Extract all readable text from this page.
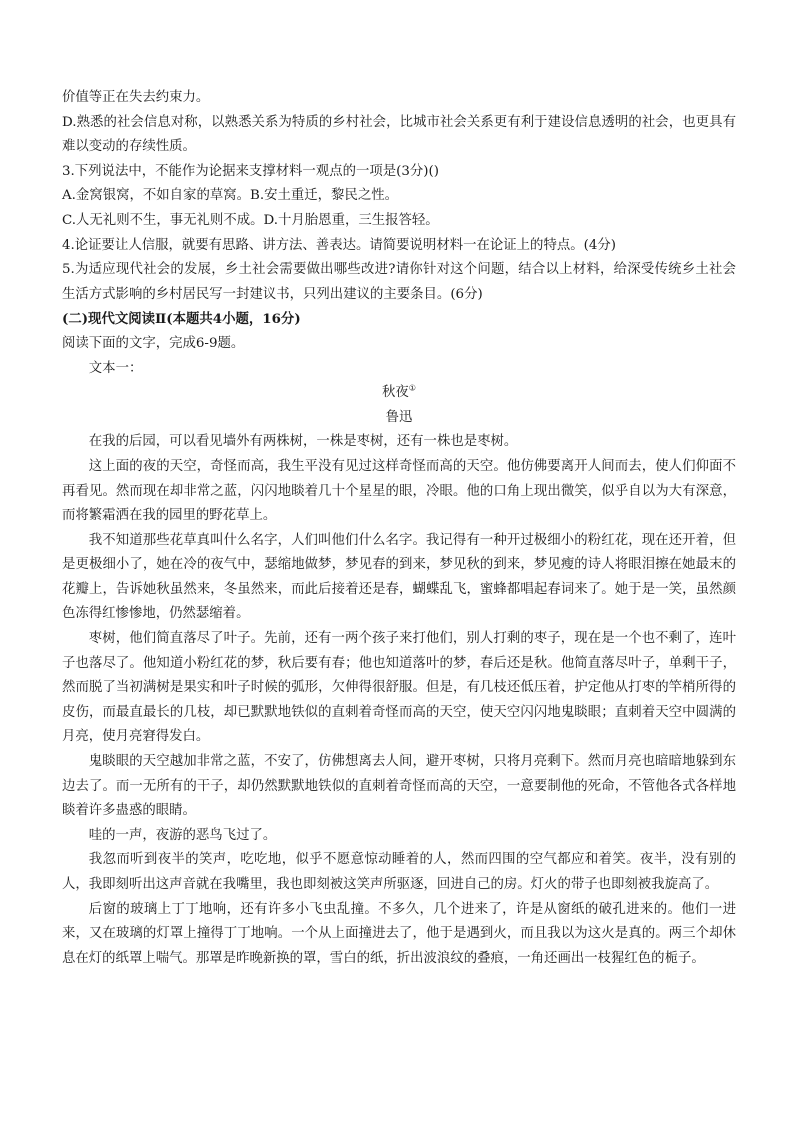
价值等正在失去约束力。

D.熟悉的社会信息对称，以熟悉关系为特质的乡村社会，比城市社会关系更有利于建设信息透明的社会，也更具有难以变动的存续性质。

3.下列说法中，不能作为论据来支撑材料一观点的一项是(3分)()

A.金窝银窝，不如自家的草窝。B.安土重迁，黎民之性。

C.人无礼则不生，事无礼则不成。D.十月胎恩重，三生报答轻。

4.论证要让人信服，就要有思路、讲方法、善表达。请简要说明材料一在论证上的特点。(4分)

5.为适应现代社会的发展，乡土社会需要做出哪些改进?请你针对这个问题，结合以上材料，给深受传统乡土社会生活方式影响的乡村居民写一封建议书，只列出建议的主要条目。(6分)

(二)现代文阅读Ⅱ(本题共4小题，16分)

阅读下面的文字，完成6-9题。

文本一：

秋夜①

鲁迅

在我的后园，可以看见墙外有两株树，一株是枣树，还有一株也是枣树。

这上面的夜的天空，奇怪而高，我生平没有见过这样奇怪而高的天空。他仿佛要离开人间而去，使人们仰面不再看见。然而现在却非常之蓝，闪闪地睒着几十个星星的眼，冷眼。他的口角上现出微笑，似乎自以为大有深意，而将繁霜洒在我的园里的野花草上。

我不知道那些花草真叫什么名字，人们叫他们什么名字。我记得有一种开过极细小的粉红花，现在还开着，但是更极细小了，她在冷的夜气中，瑟缩地做梦，梦见春的到来，梦见秋的到来，梦见瘦的诗人将眼泪擦在她最末的花瓣上，告诉她秋虽然来，冬虽然来，而此后接着还是春，蝴蝶乱飞，蜜蜂都唱起春词来了。她于是一笑，虽然颜色冻得红惨惨地，仍然瑟缩着。

枣树，他们简直落尽了叶子。先前，还有一两个孩子来打他们，别人打剩的枣子，现在是一个也不剩了，连叶子也落尽了。他知道小粉红花的梦，秋后要有春；他也知道落叶的梦，春后还是秋。他简直落尽叶子，单剩干子，然而脱了当初满树是果实和叶子时候的弧形，欠伸得很舒服。但是，有几枝还低压着，护定他从打枣的竿梢所得的皮伤，而最直最长的几枝，却已默默地铁似的直刺着奇怪而高的天空，使天空闪闪地鬼睒眼；直刺着天空中圆满的月亮，使月亮窘得发白。

鬼睒眼的天空越加非常之蓝，不安了，仿佛想离去人间，避开枣树，只将月亮剩下。然而月亮也暗暗地躲到东边去了。而一无所有的干子，却仍然默默地铁似的直刺着奇怪而高的天空，一意要制他的死命，不管他各式各样地睒着许多蛊惑的眼睛。

哇的一声，夜游的恶鸟飞过了。

我忽而听到夜半的笑声，吃吃地，似乎不愿意惊动睡着的人，然而四围的空气都应和着笑。夜半，没有别的人，我即刻听出这声音就在我嘴里，我也即刻被这笑声所驱逐，回进自己的房。灯火的带子也即刻被我旋高了。

后窗的玻璃上丁丁地响，还有许多小飞虫乱撞。不多久，几个进来了，许是从窗纸的破孔进来的。他们一进来，又在玻璃的灯罩上撞得丁丁地响。一个从上面撞进去了，他于是遇到火，而且我以为这火是真的。两三个却休息在灯的纸罩上喘气。那罩是昨晚新换的罩，雪白的纸，折出波浪纹的叠痕，一角还画出一枝猩红色的栀子。
